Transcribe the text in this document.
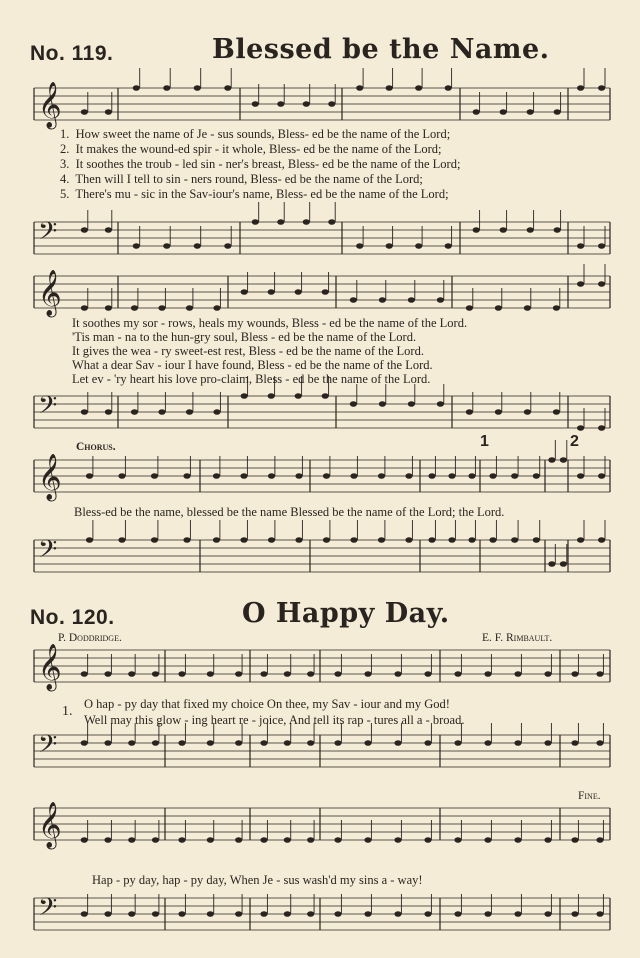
No. 119.	Blessed be the Name.
𝄞
𝄢
𝄞
𝄢
𝄞
𝄢
𝄞
𝄢
𝄞
𝄢
1. How sweet the name of Je - sus sounds, Bless- ed be the name of the Lord;
2. It makes the wound-ed spir - it whole, Bless- ed be the name of the Lord;
3. It soothes the troub - led sin - ner's breast, Bless- ed be the name of the Lord;
4. Then will I tell to sin - ners round, Bless- ed be the name of the Lord;
5. There's mu - sic in the Sav-iour's name, Bless- ed be the name of the Lord;
It soothes my sor - rows, heals my wounds, Bless - ed be the name of the Lord.
'Tis man - na to the hun-gry soul, Bless - ed be the name of the Lord.
It gives the wea - ry sweet-est rest, Bless - ed be the name of the Lord.
What a dear Sav - iour I have found, Bless - ed be the name of the Lord.
Let ev - 'ry heart his love pro-claim, Bless - ed be the name of the Lord.
Chorus.	1	2
Bless-ed be the name, blessed be the name Blessed be the name of the Lord; the Lord.
No. 120.	O Happy Day.
P. Doddridge.	E. F. Rimbault.
1. O hap - py day that fixed my choice On thee, my Sav - iour and my God!
Well may this glow - ing heart re - joice, And tell its rap - tures all a - broad.
Fine.
Hap - py day, hap - py day, When Je - sus wash'd my sins a - way!
